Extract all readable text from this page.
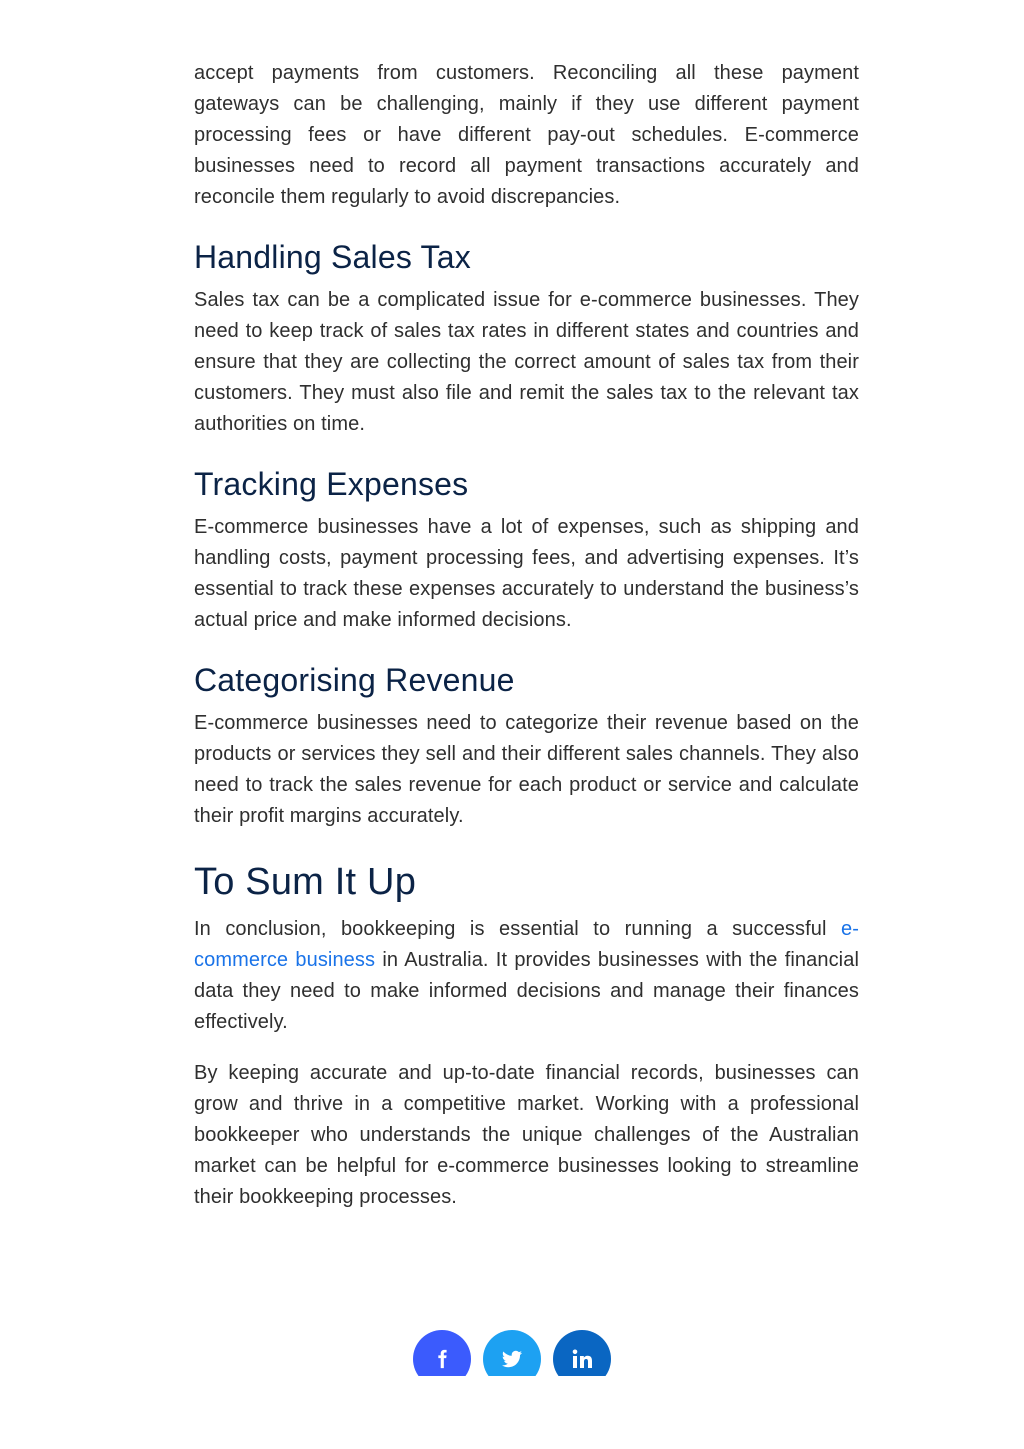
accept payments from customers. Reconciling all these payment gateways can be challenging, mainly if they use different payment processing fees or have different pay-out schedules. E-commerce businesses need to record all payment transactions accurately and reconcile them regularly to avoid discrepancies.

Handling Sales Tax

Sales tax can be a complicated issue for e-commerce businesses. They need to keep track of sales tax rates in different states and countries and ensure that they are collecting the correct amount of sales tax from their customers. They must also file and remit the sales tax to the relevant tax authorities on time.

Tracking Expenses

E-commerce businesses have a lot of expenses, such as shipping and handling costs, payment processing fees, and advertising expenses. It’s essential to track these expenses accurately to understand the business’s actual price and make informed decisions.

Categorising Revenue

E-commerce businesses need to categorize their revenue based on the products or services they sell and their different sales channels. They also need to track the sales revenue for each product or service and calculate their profit margins accurately.

To Sum It Up

In conclusion, bookkeeping is essential to running a successful e-commerce business in Australia. It provides businesses with the financial data they need to make informed decisions and manage their finances effectively.

By keeping accurate and up-to-date financial records, businesses can grow and thrive in a competitive market. Working with a professional bookkeeper who understands the unique challenges of the Australian market can be helpful for e-commerce businesses looking to streamline their bookkeeping processes.
